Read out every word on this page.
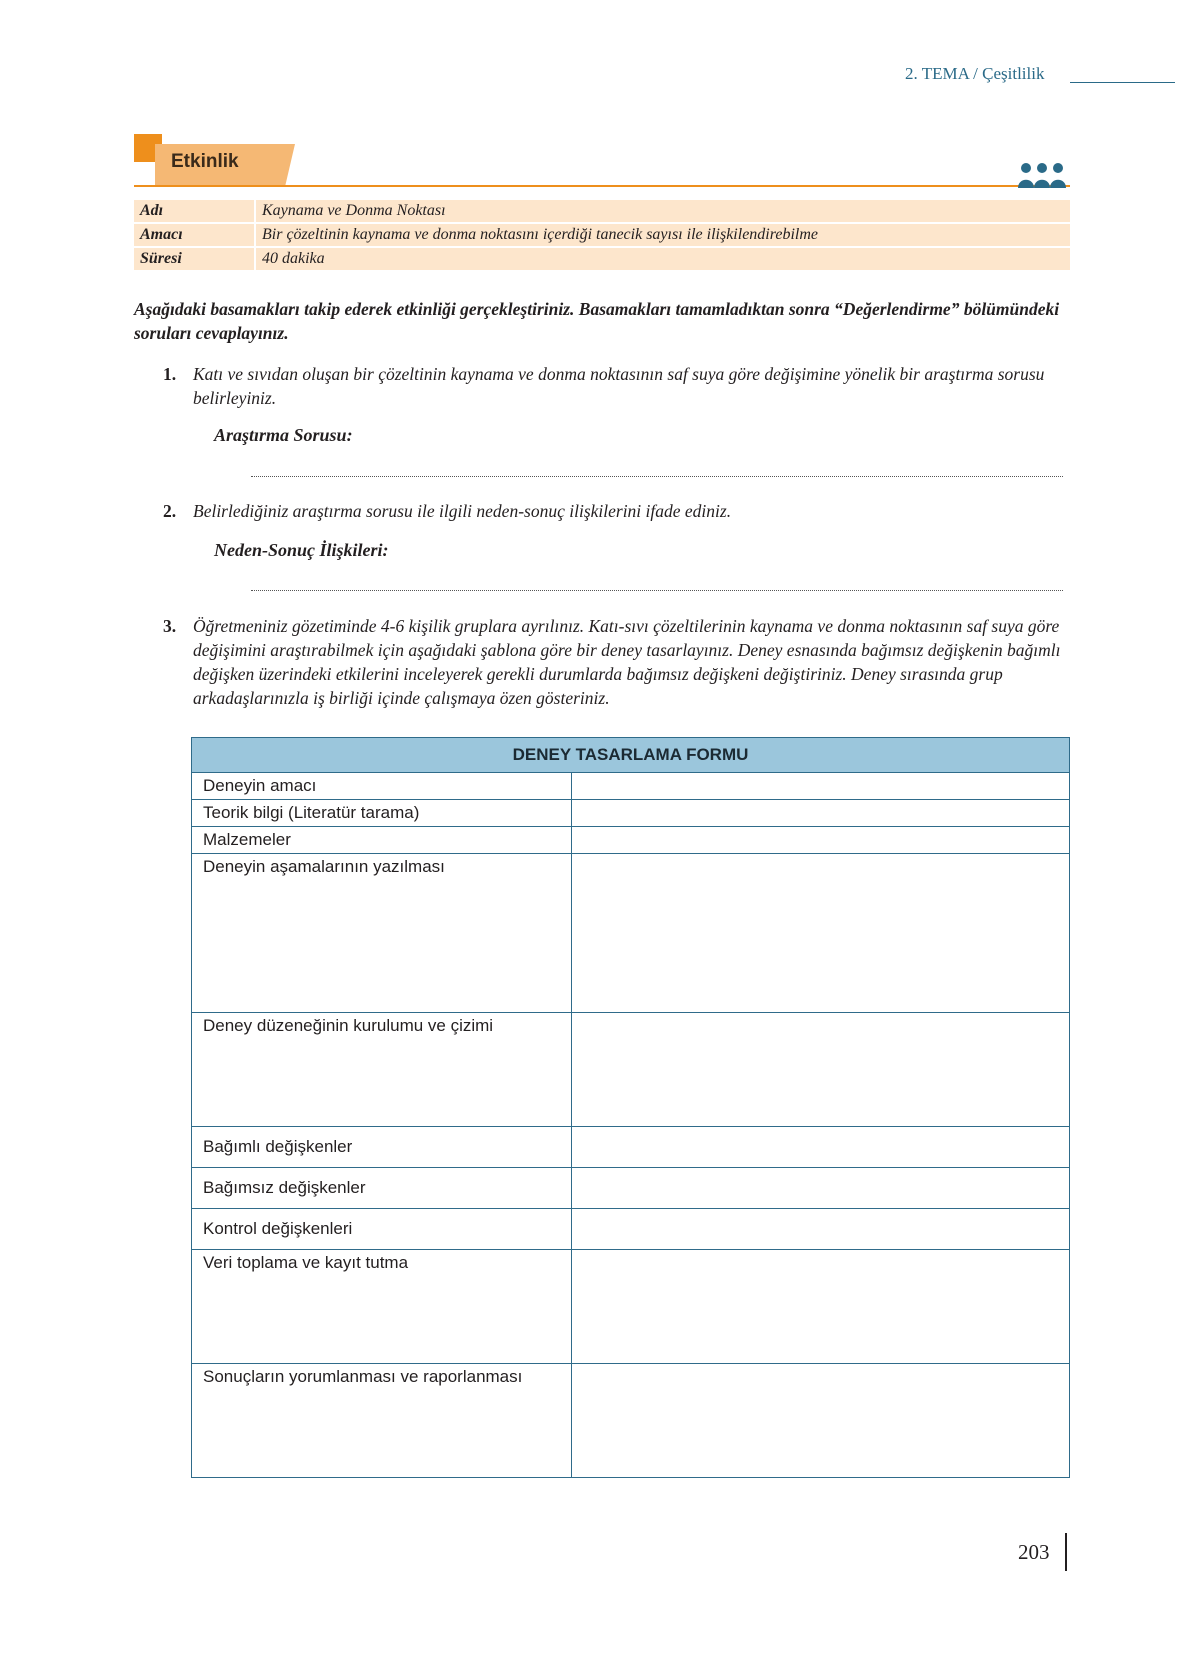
2. TEMA / Çeşitlilik
Etkinlik
Adı		Kaynama ve Donma Noktası
Amacı		Bir çözeltinin kaynama ve donma noktasını içerdiği tanecik sayısı ile ilişkilendirebilme
Süresi		40 dakika
Aşağıdaki basamakları takip ederek etkinliği gerçekleştiriniz. Basamakları tamamladıktan sonra “Değerlendirme” bölümündeki soruları cevaplayınız.
1. Katı ve sıvıdan oluşan bir çözeltinin kaynama ve donma noktasının saf suya göre değişimine yönelik bir araştırma sorusu belirleyiniz.
Araştırma Sorusu:
2. Belirlediğiniz araştırma sorusu ile ilgili neden-sonuç ilişkilerini ifade ediniz.
Neden-Sonuç İlişkileri:
3. Öğretmeniniz gözetiminde 4-6 kişilik gruplara ayrılınız. Katı-sıvı çözeltilerinin kaynama ve donma noktasının saf suya göre değişimini araştırabilmek için aşağıdaki şablona göre bir deney tasarlayınız. Deney esnasında bağımsız değişkenin bağımlı değişken üzerindeki etkilerini inceleyerek gerekli durumlarda bağımsız değişkeni değiştiriniz. Deney sırasında grup arkadaşlarınızla iş birliği içinde çalışmaya özen gösteriniz.
DENEY TASARLAMA FORMU	
Deneyin amacı	
Teorik bilgi (Literatür tarama)	
Malzemeler	
Deneyin aşamalarının yazılması	
Deney düzeneğinin kurulumu ve çizimi	
Bağımlı değişkenler	
Bağımsız değişkenler	
Kontrol değişkenleri	
Veri toplama ve kayıt tutma	
Sonuçların yorumlanması ve raporlanması	
203
